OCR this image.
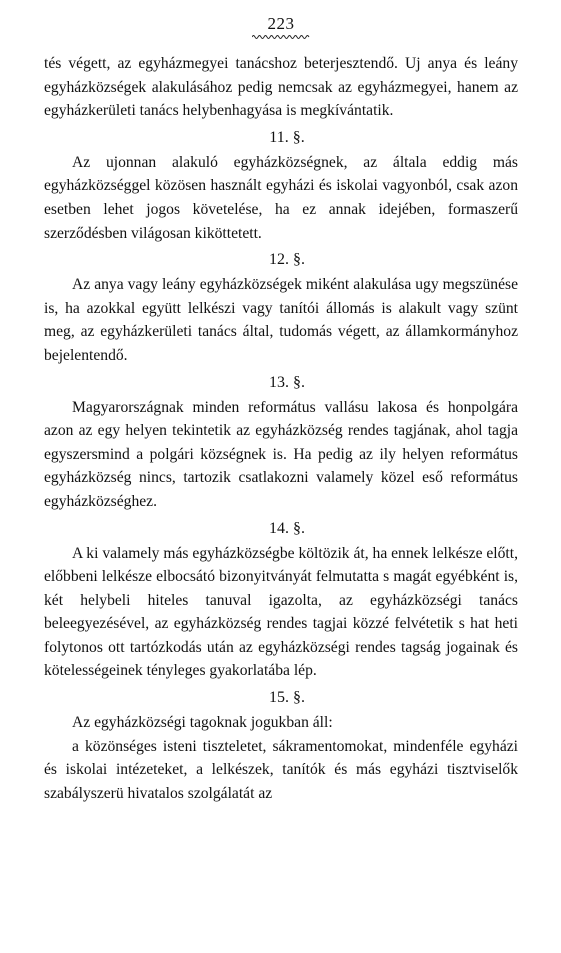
223

tés végett, az egyházmegyei tanácshoz beterjesztendő. Uj anya és leány egyházközségek alakulásához pedig nemcsak az egyházmegyei, hanem az egyházkerületi tanács helybenhagyása is megkívántatik.

11. §.

Az ujonnan alakuló egyházközségnek, az általa eddig más egyházközséggel közösen használt egyházi és iskolai vagyonból, csak azon esetben lehet jogos követelése, ha ez annak idejében, formaszerű szerződésben világosan kiköttetett.

12. §.

Az anya vagy leány egyházközségek miként alakulása ugy megszünése is, ha azokkal együtt lelkészi vagy tanítói állomás is alakult vagy szünt meg, az egyházkerületi tanács által, tudomás végett, az államkormányhoz bejelentendő.

13. §.

Magyarországnak minden református vallásu lakosa és honpolgára azon az egy helyen tekintetik az egyházközség rendes tagjának, ahol tagja egyszersmind a polgári községnek is. Ha pedig az ily helyen református egyházközség nincs, tartozik csatlakozni valamely közel eső református egyházközséghez.

14. §.

A ki valamely más egyházközségbe költözik át, ha ennek lelkésze előtt, előbbeni lelkésze elbocsátó bizonyitványát felmutatta s magát egyébként is, két helybeli hiteles tanuval igazolta, az egyházközségi tanács beleegyezésével, az egyházközség rendes tagjai közzé felvétetik s hat heti folytonos ott tartózkodás után az egyházközségi rendes tagság jogainak és kötelességeinek tényleges gyakorlatába lép.

15. §.

Az egyházközségi tagoknak jogukban áll:

a közönséges isteni tiszteletet, sákramentomokat, mindenféle egyházi és iskolai intézeteket, a lelkészek, tanítók és más egyházi tisztviselők szabályszerü hivatalos szolgálatát az
